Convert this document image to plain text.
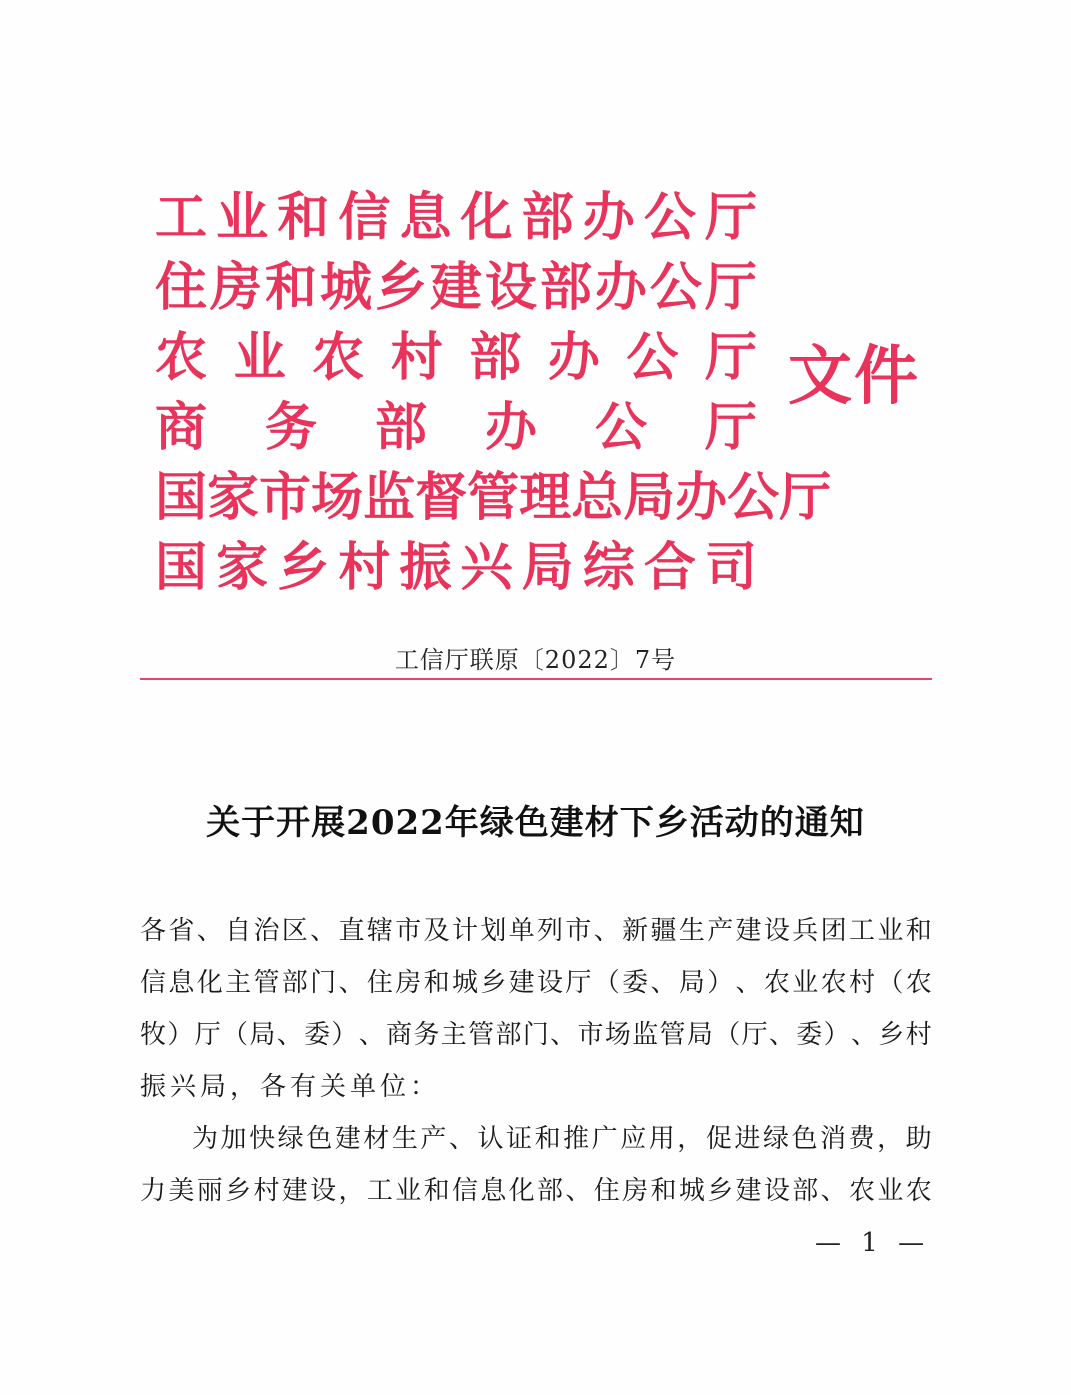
工 业 和 信 息 化 部 办 公 厅
住 房 和 城 乡 建 设 部 办 公 厅
农 业 农 村 部 办 公 厅
商 务 部 办 公 厅
国 家 市 场 监 督 管 理 总 局 办 公 厅
国 家 乡 村 振 兴 局 综 合 司
文件
工信厅联原〔2022〕7号
关于开展2022年绿色建材下乡活动的通知
各 省 、 自 治 区 、 直 辖 市 及 计 划 单 列 市 、 新 疆 生 产 建 设 兵 团 工 业 和
信 息 化 主 管 部 门 、 住 房 和 城 乡 建 设 厅 （ 委 、 局 ） 、 农 业 农 村 （ 农
牧 ） 厅 （ 局 、 委 ） 、 商 务 主 管 部 门 、 市 场 监 管 局 （ 厅 、 委 ） 、 乡 村
振兴局，各有关单位：
为 加 快 绿 色 建 材 生 产 、 认 证 和 推 广 应 用 ， 促 进 绿 色 消 费 ， 助
力 美 丽 乡 村 建 设 ， 工 业 和 信 息 化 部 、 住 房 和 城 乡 建 设 部 、 农 业 农
— 1 —
